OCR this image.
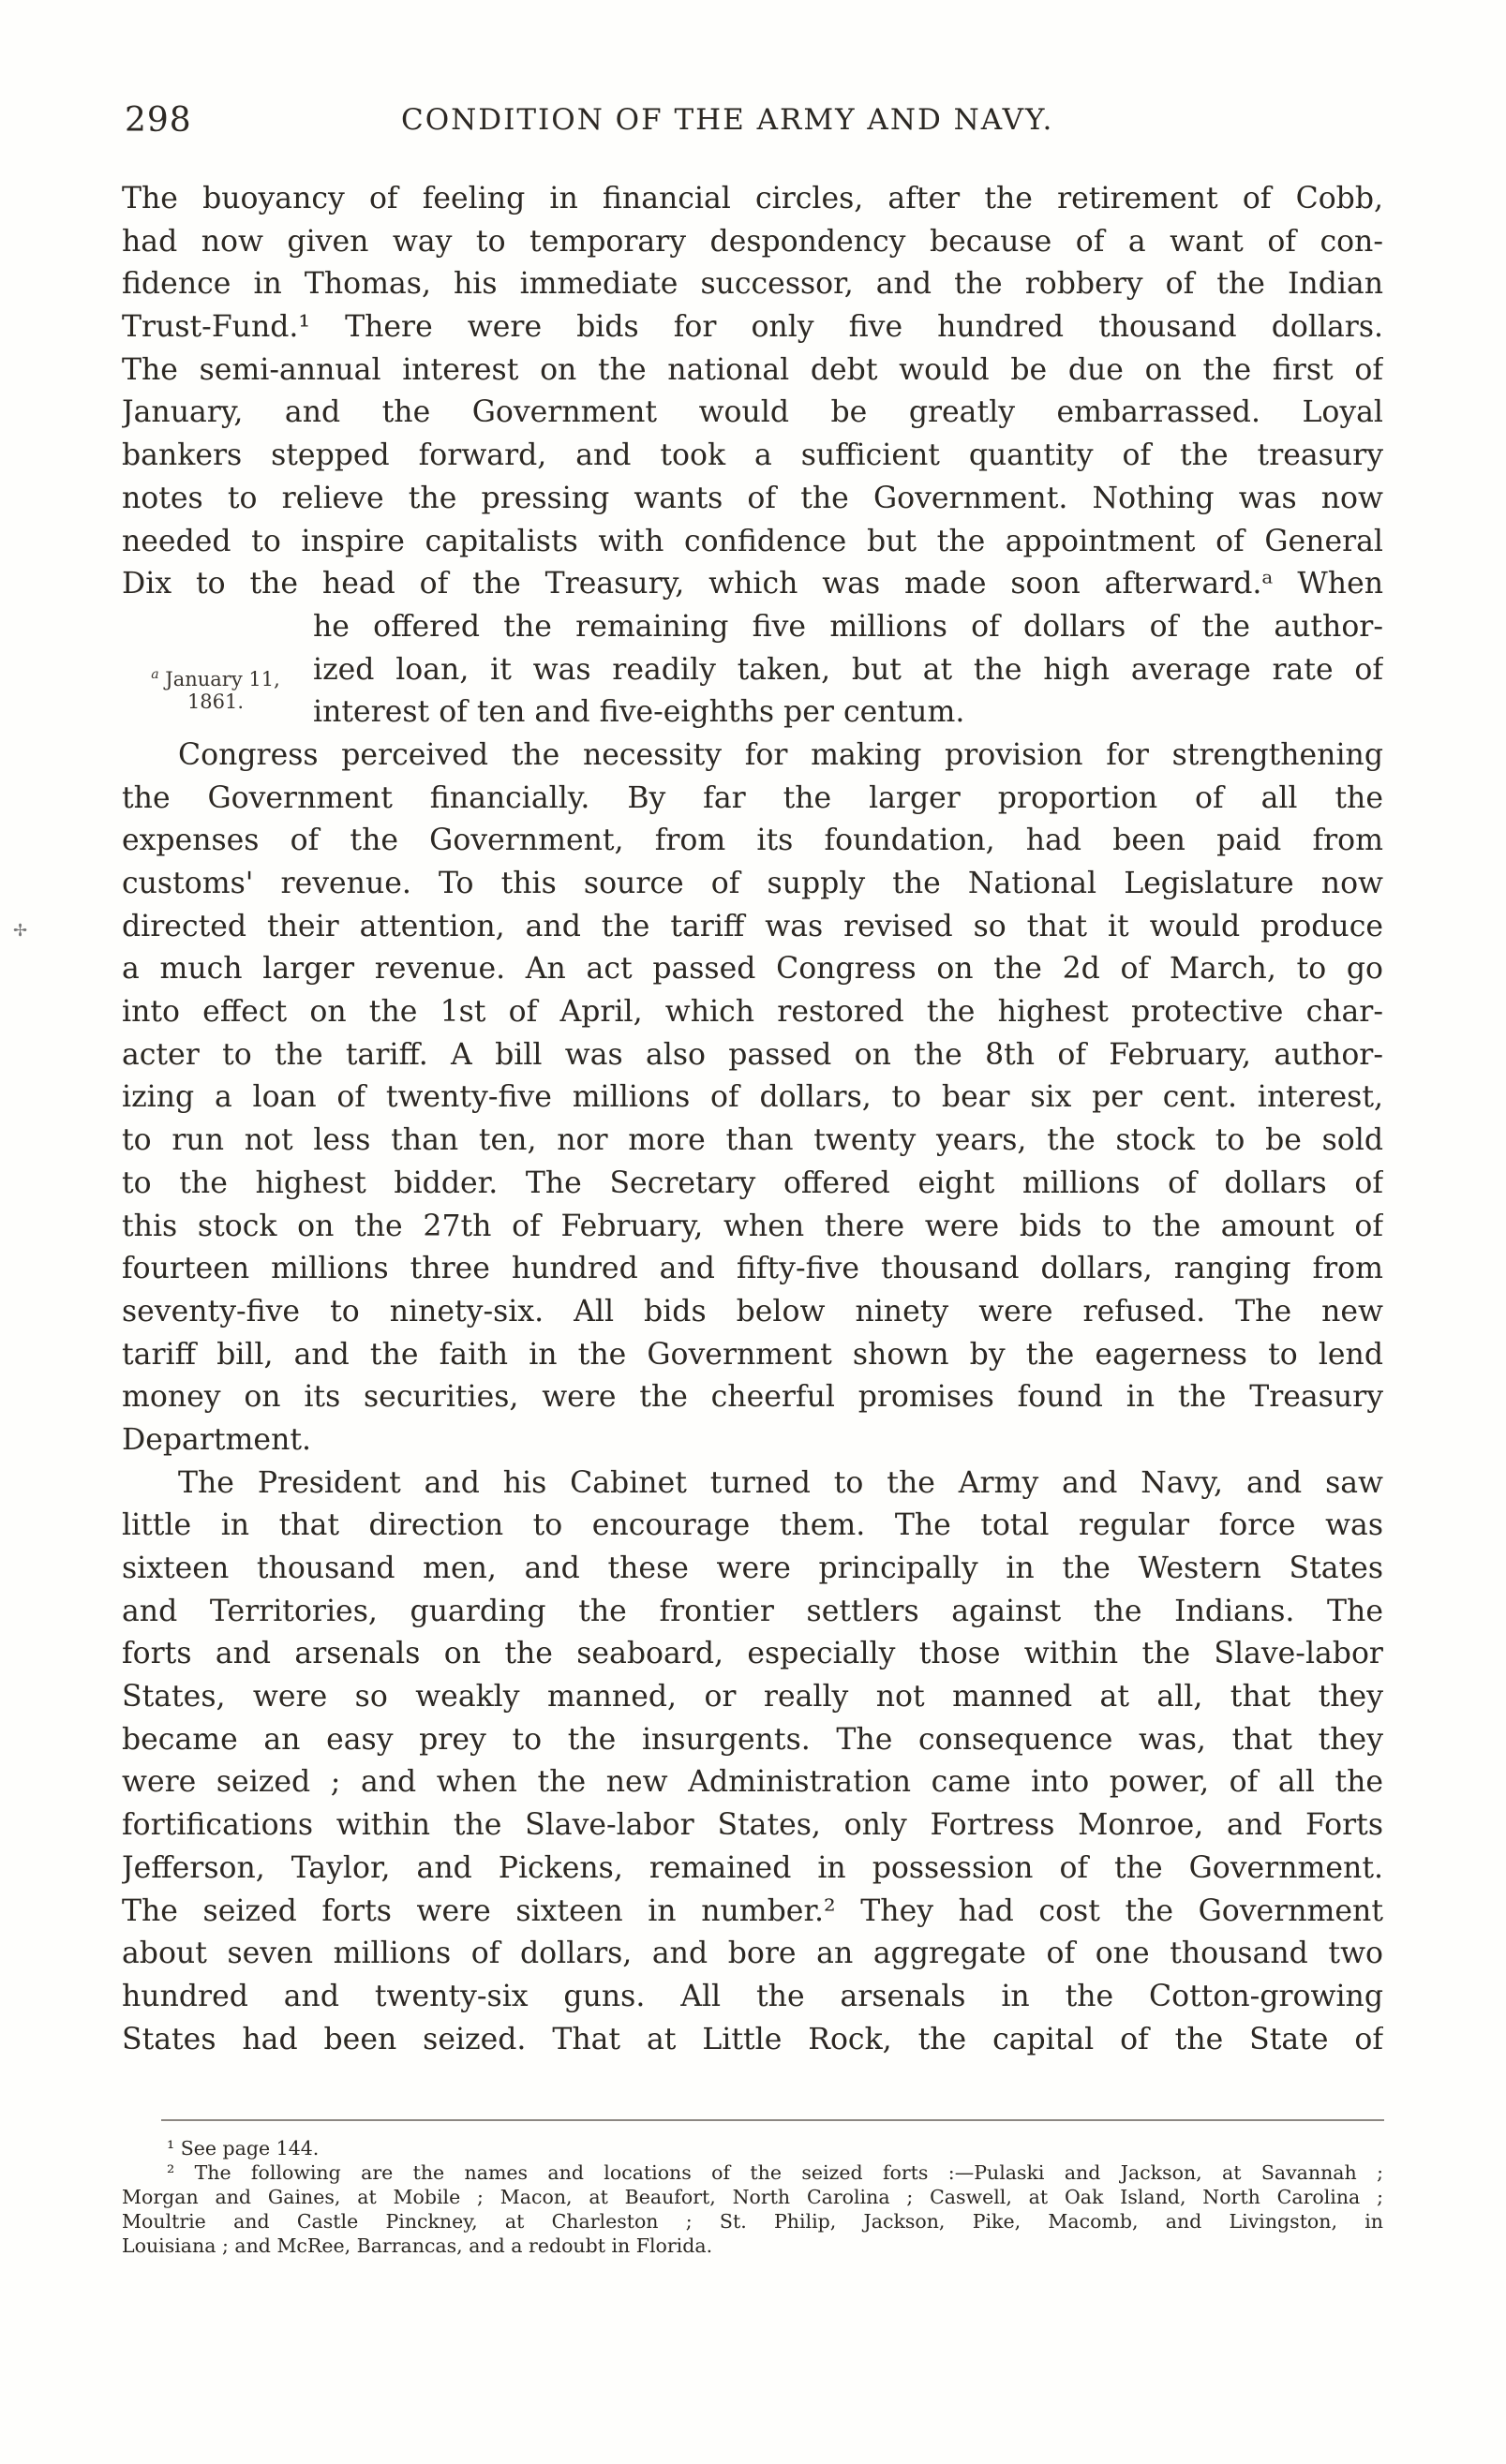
298	CONDITION OF THE ARMY AND NAVY.
✢
$^a$ January 11,
1861.
The buoyancy of feeling in financial circles, after the retirement of Cobb,
had now given way to temporary despondency because of a want of con-
fidence in Thomas, his immediate successor, and the robbery of the Indian
Trust-Fund.¹ There were bids for only five hundred thousand dollars.
The semi-annual interest on the national debt would be due on the first of
January, and the Government would be greatly embarrassed. Loyal
bankers stepped forward, and took a sufficient quantity of the treasury
notes to relieve the pressing wants of the Government. Nothing was now
needed to inspire capitalists with confidence but the appointment of General
Dix to the head of the Treasury, which was made soon afterward.ᵃ When
he offered the remaining five millions of dollars of the author-
ized loan, it was readily taken, but at the high average rate of
interest of ten and five-eighths per centum.
Congress perceived the necessity for making provision for strengthening
the Government financially. By far the larger proportion of all the
expenses of the Government, from its foundation, had been paid from
customs' revenue. To this source of supply the National Legislature now
directed their attention, and the tariff was revised so that it would produce
a much larger revenue. An act passed Congress on the 2d of March, to go
into effect on the 1st of April, which restored the highest protective char-
acter to the tariff. A bill was also passed on the 8th of February, author-
izing a loan of twenty-five millions of dollars, to bear six per cent. interest,
to run not less than ten, nor more than twenty years, the stock to be sold
to the highest bidder. The Secretary offered eight millions of dollars of
this stock on the 27th of February, when there were bids to the amount of
fourteen millions three hundred and fifty-five thousand dollars, ranging from
seventy-five to ninety-six. All bids below ninety were refused. The new
tariff bill, and the faith in the Government shown by the eagerness to lend
money on its securities, were the cheerful promises found in the Treasury
Department.
The President and his Cabinet turned to the Army and Navy, and saw
little in that direction to encourage them. The total regular force was
sixteen thousand men, and these were principally in the Western States
and Territories, guarding the frontier settlers against the Indians. The
forts and arsenals on the seaboard, especially those within the Slave-labor
States, were so weakly manned, or really not manned at all, that they
became an easy prey to the insurgents. The consequence was, that they
were seized ; and when the new Administration came into power, of all the
fortifications within the Slave-labor States, only Fortress Monroe, and Forts
Jefferson, Taylor, and Pickens, remained in possession of the Government.
The seized forts were sixteen in number.² They had cost the Government
about seven millions of dollars, and bore an aggregate of one thousand two
hundred and twenty-six guns. All the arsenals in the Cotton-growing
States had been seized. That at Little Rock, the capital of the State of
¹ See page 144.
² The following are the names and locations of the seized forts :—Pulaski and Jackson, at Savannah ;
Morgan and Gaines, at Mobile ; Macon, at Beaufort, North Carolina ; Caswell, at Oak Island, North Carolina ;
Moultrie and Castle Pinckney, at Charleston ; St. Philip, Jackson, Pike, Macomb, and Livingston, in
Louisiana ; and McRee, Barrancas, and a redoubt in Florida.
